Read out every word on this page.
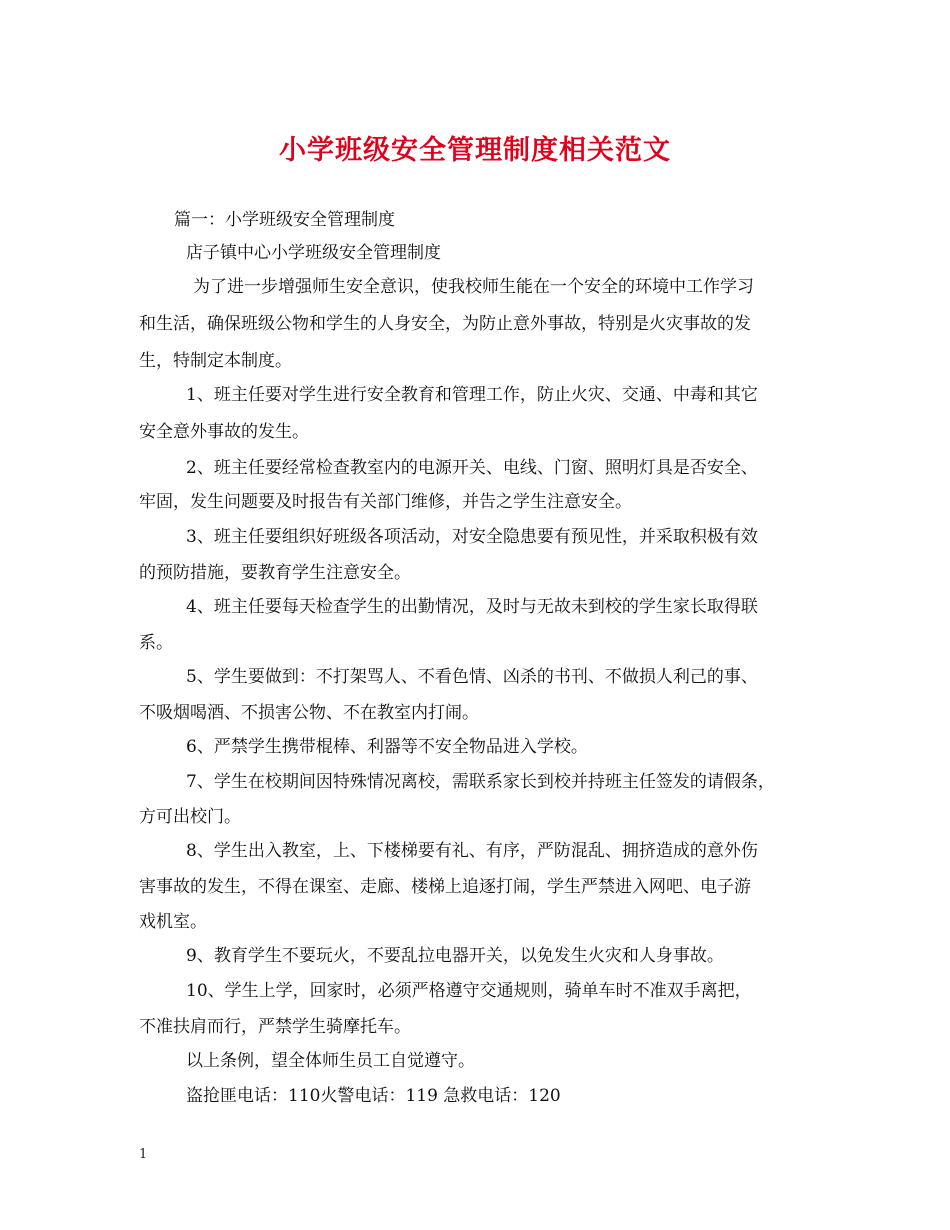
小学班级安全管理制度相关范文
篇一：小学班级安全管理制度
店子镇中心小学班级安全管理制度
为了进一步增强师生安全意识，使我校师生能在一个安全的环境中工作学习
和生活，确保班级公物和学生的人身安全，为防止意外事故，特别是火灾事故的发
生，特制定本制度。
1、班主任要对学生进行安全教育和管理工作，防止火灾、交通、中毒和其它
安全意外事故的发生。
2、班主任要经常检查教室内的电源开关、电线、门窗、照明灯具是否安全、
牢固，发生问题要及时报告有关部门维修，并告之学生注意安全。
3、班主任要组织好班级各项活动，对安全隐患要有预见性，并采取积极有效
的预防措施，要教育学生注意安全。
4、班主任要每天检查学生的出勤情况，及时与无故未到校的学生家长取得联
系。
5、学生要做到：不打架骂人、不看色情、凶杀的书刊、不做损人利己的事、
不吸烟喝酒、不损害公物、不在教室内打闹。
6、严禁学生携带棍棒、利器等不安全物品进入学校。
7、学生在校期间因特殊情况离校，需联系家长到校并持班主任签发的请假条，
方可出校门。
8、学生出入教室，上、下楼梯要有礼、有序，严防混乱、拥挤造成的意外伤
害事故的发生，不得在课室、走廊、楼梯上追逐打闹，学生严禁进入网吧、电子游
戏机室。
9、教育学生不要玩火，不要乱拉电器开关，以免发生火灾和人身事故。
10、学生上学，回家时，必须严格遵守交通规则，骑单车时不准双手离把，
不准扶肩而行，严禁学生骑摩托车。
以上条例，望全体师生员工自觉遵守。
盗抢匪电话：110火警电话：119 急救电话：120
1
